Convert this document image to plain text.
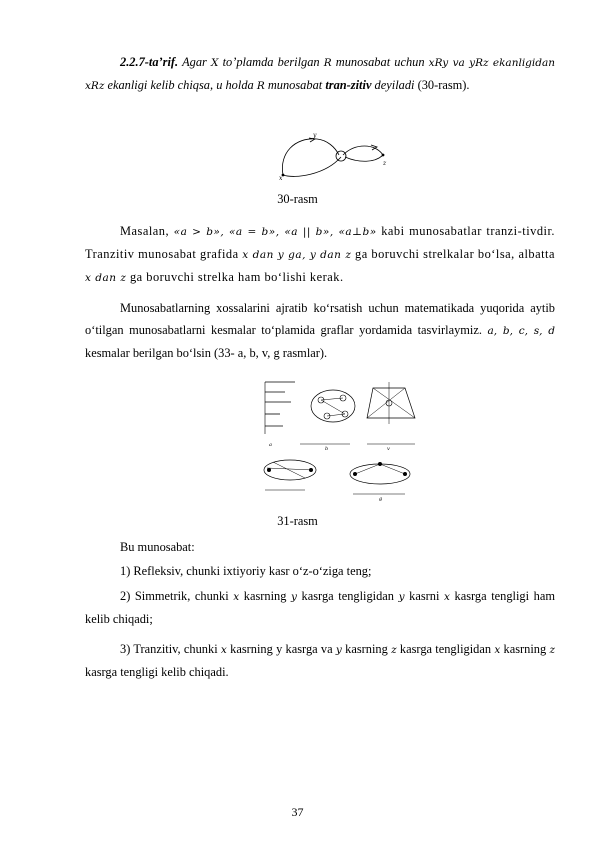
2.2.7-ta’rif. Agar X to’plamda berilgan R munosabat uchun xRy va yRz ekanligidan xRz ekanligi kelib chiqsa, u holda R munosabat tran-zitiv deyiladi (30-rasm).

y
x
z
30-rasm

Masalan, «a > b», «a = b», «a || b», «a⊥b» kabi munosabatlar tranzi-tivdir. Tranzitiv munosabat grafida x dan y ga, y dan z ga boruvchi strelkalar bo‘lsa, albatta x dan z ga boruvchi strelka ham bo‘lishi kerak.

Munosabatlarning xossalarini ajratib ko‘rsatish uchun matematikada yuqorida aytib o‘tilgan munosabatlarni kesmalar to‘plamida graflar yordamida tasvirlaymiz. a, b, c, s, d kesmalar berilgan bo‘lsin (33- a, b, v, g rasmlar).

a
b	v
g
31-rasm

Bu munosabat:

1) Refleksiv, chunki ixtiyoriy kasr o‘z-o‘ziga teng;

2) Simmetrik, chunki x kasrning y kasrga tengligidan y kasrni x kasrga tengligi ham kelib chiqadi;

3) Tranzitiv, chunki x kasrning y kasrga va y kasrning z kasrga tengligidan x kasrning z kasrga tengligi kelib chiqadi.

37
